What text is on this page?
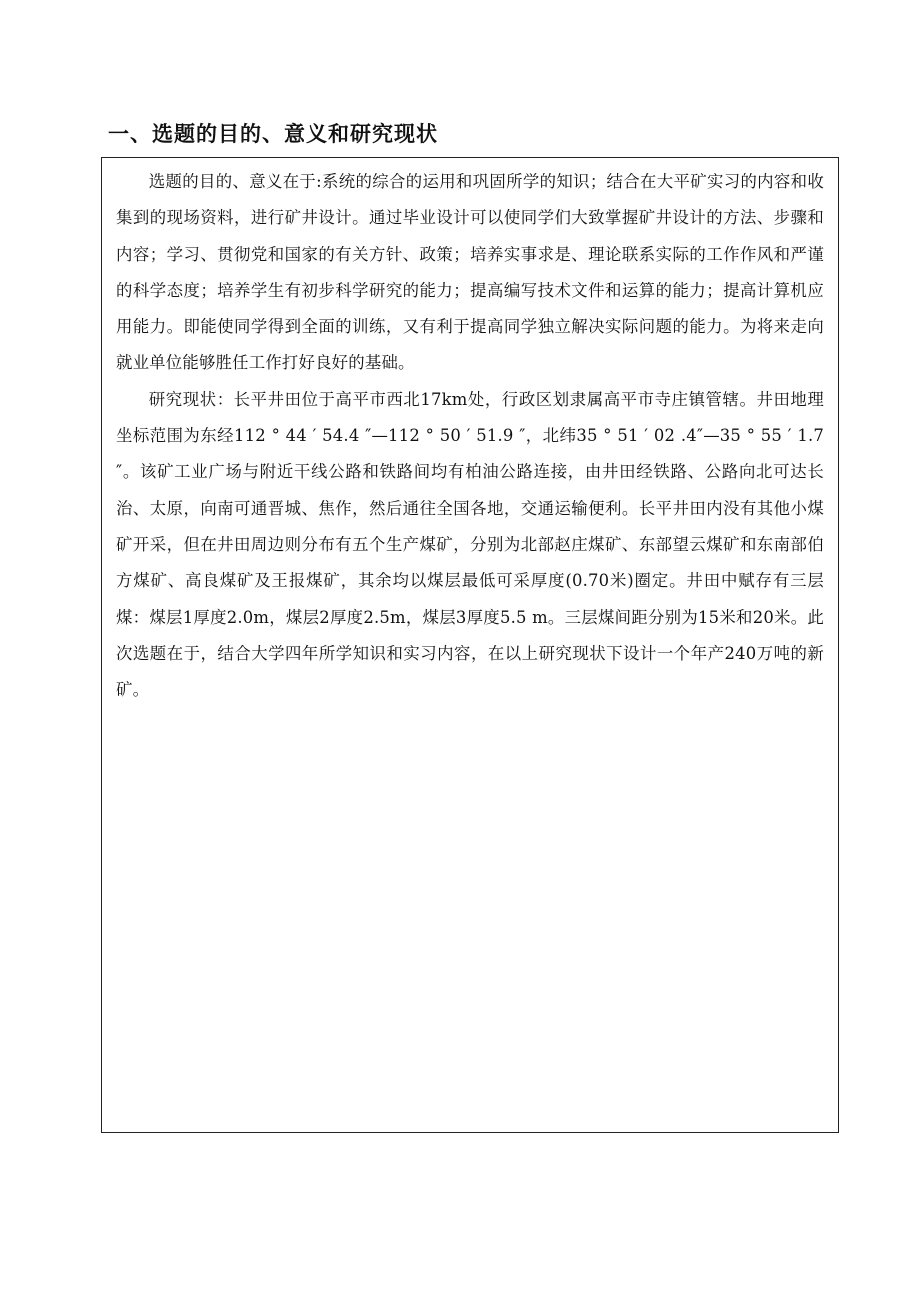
一、选题的目的、意义和研究现状

选题的目的、意义在于:系统的综合的运用和巩固所学的知识；结合在大平矿实习的内容和收集到的现场资料，进行矿井设计。通过毕业设计可以使同学们大致掌握矿井设计的方法、步骤和内容；学习、贯彻党和国家的有关方针、政策；培养实事求是、理论联系实际的工作作风和严谨的科学态度；培养学生有初步科学研究的能力；提高编写技术文件和运算的能力；提高计算机应用能力。即能使同学得到全面的训练，又有利于提高同学独立解决实际问题的能力。为将来走向就业单位能够胜任工作打好良好的基础。

研究现状：长平井田位于高平市西北17km处，行政区划隶属高平市寺庄镇管辖。井田地理坐标范围为东经112 ° 44 ′ 54.4 ″—112 ° 50 ′ 51.9 ″，北纬35 ° 51 ′ 02 .4″—35 ° 55 ′ 1.7 ″。该矿工业广场与附近干线公路和铁路间均有柏油公路连接，由井田经铁路、公路向北可达长治、太原，向南可通晋城、焦作，然后通往全国各地，交通运输便利。长平井田内没有其他小煤矿开采，但在井田周边则分布有五个生产煤矿，分别为北部赵庄煤矿、东部望云煤矿和东南部伯方煤矿、高良煤矿及王报煤矿，其余均以煤层最低可采厚度(0.70米)圈定。井田中赋存有三层煤：煤层1厚度2.0m，煤层2厚度2.5m，煤层3厚度5.5 m。三层煤间距分别为15米和20米。此次选题在于，结合大学四年所学知识和实习内容，在以上研究现状下设计一个年产240万吨的新矿。
